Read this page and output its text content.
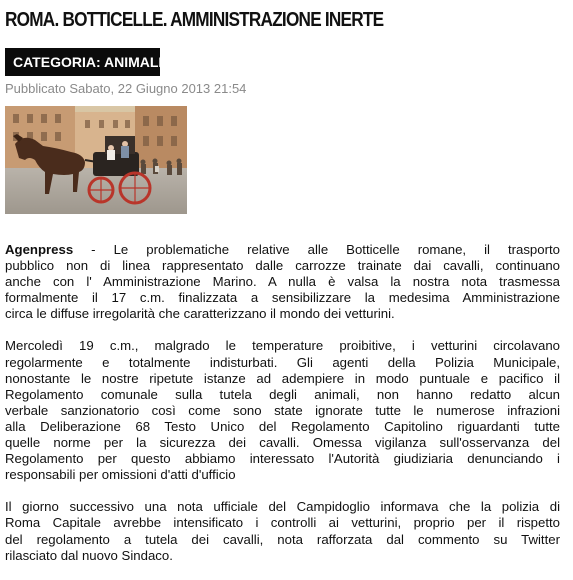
ROMA. BOTTICELLE. AMMINISTRAZIONE INERTE
CATEGORIA: ANIMALI
Pubblicato Sabato, 22 Giugno 2013 21:54

Agenpress - Le problematiche relative alle Botticelle romane, il trasporto
pubblico non di linea rappresentato dalle carrozze trainate dai cavalli, continuano
anche con l' Amministrazione Marino. A nulla è valsa la nostra nota trasmessa
formalmente il 17 c.m. finalizzata a sensibilizzare la medesima Amministrazione
circa le diffuse irregolarità che caratterizzano il mondo dei vetturini.

Mercoledì 19 c.m., malgrado le temperature proibitive, i vetturini circolavano
regolarmente e totalmente indisturbati. Gli agenti della Polizia Municipale,
nonostante le nostre ripetute istanze ad adempiere in modo puntuale e pacifico il
Regolamento comunale sulla tutela degli animali, non hanno redatto alcun
verbale sanzionatorio così come sono state ignorate tutte le numerose infrazioni
alla Deliberazione 68 Testo Unico del Regolamento Capitolino riguardanti tutte
quelle norme per la sicurezza dei cavalli. Omessa vigilanza sull'osservanza del
Regolamento per questo abbiamo interessato l'Autorità giudiziaria denunciando i
responsabili per omissioni d'atti d'ufficio

Il giorno successivo una nota ufficiale del Campidoglio informava che la polizia di
Roma Capitale avrebbe intensificato i controlli ai vetturini, proprio per il rispetto
del regolamento a tutela dei cavalli, nota rafforzata dal commento su Twitter
rilasciato dal nuovo Sindaco.
